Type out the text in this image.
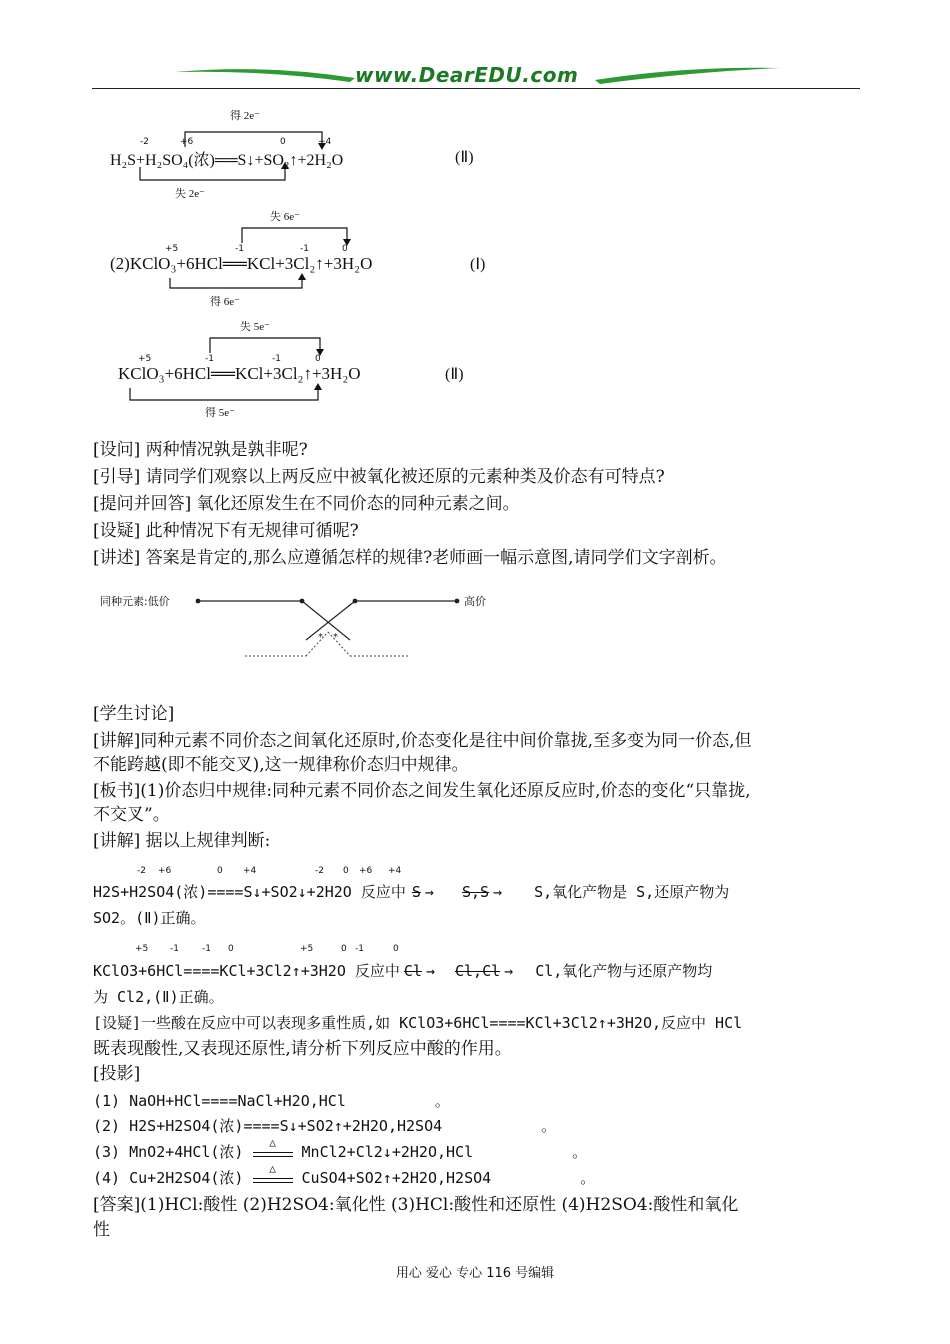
www.DearEDU.com
得 2e⁻
-2	+6	0	+4
H₂S+H₂SO₄(浓)══S↓+SO₂↑+2H₂O	(Ⅱ)
失 2e⁻
失 6e⁻
+5	-1	-1	0
(2)KClO₃+6HCl══KCl+3Cl₂↑+3H₂O	(Ⅰ)
得 6e⁻
失 5e⁻
+5	-1	-1	0
KClO₃+6HCl══KCl+3Cl₂↑+3H₂O	(Ⅱ)
得 5e⁻
[设问] 两种情况孰是孰非呢?
[引导] 请同学们观察以上两反应中被氧化被还原的元素种类及价态有可特点?
[提问并回答] 氧化还原发生在不同价态的同种元素之间。
[设疑] 此种情况下有无规律可循呢?
[讲述] 答案是肯定的,那么应遵循怎样的规律?老师画一幅示意图,请同学们文字剖析。
* *
同种元素:低价	高价
[学生讨论]
[讲解]同种元素不同价态之间氧化还原时,价态变化是往中间价靠拢,至多变为同一价态,但
不能跨越(即不能交叉),这一规律称价态归中规律。
[板书](1)价态归中规律:同种元素不同价态之间发生氧化还原反应时,价态的变化“只靠拢,
不交叉”。
[讲解] 据以上规律判断:
-2 +6	0 +4	-2 0 +6 +4
H2S+H2SO4(浓)====S↓+SO2↓+2H2O 反应中 S → S,S → S,氧化产物是 S,还原产物为
SO2。(Ⅱ)正确。
+5 -1	-1 0	+5	0 -1	0
KClO3+6HCl====KCl+3Cl2↑+3H2O 反应中 Cl → Cl,Cl → Cl,氧化产物与还原产物均
为 Cl2,(Ⅱ)正确。
[设疑]一些酸在反应中可以表现多重性质,如 KClO3+6HCl====KCl+3Cl2↑+3H2O,反应中 HCl
既表现酸性,又表现还原性,请分析下列反应中酸的作用。
[投影]
(1) NaOH+HCl====NaCl+H2O,HCl	。
(2) H2S+H2SO4(浓)====S↓+SO2↑+2H2O,H2SO4	。
(3) MnO2+4HCl(浓)
△
MnCl2+Cl2↓+2H2O,HCl	。
(4) Cu+2H2SO4(浓)
△
CuSO4+SO2↑+2H2O,H2SO4	。
[答案](1)HCl:酸性 (2)H2SO4:氧化性 (3)HCl:酸性和还原性 (4)H2SO4:酸性和氧化
性
用心 爱心 专心 116 号编辑
